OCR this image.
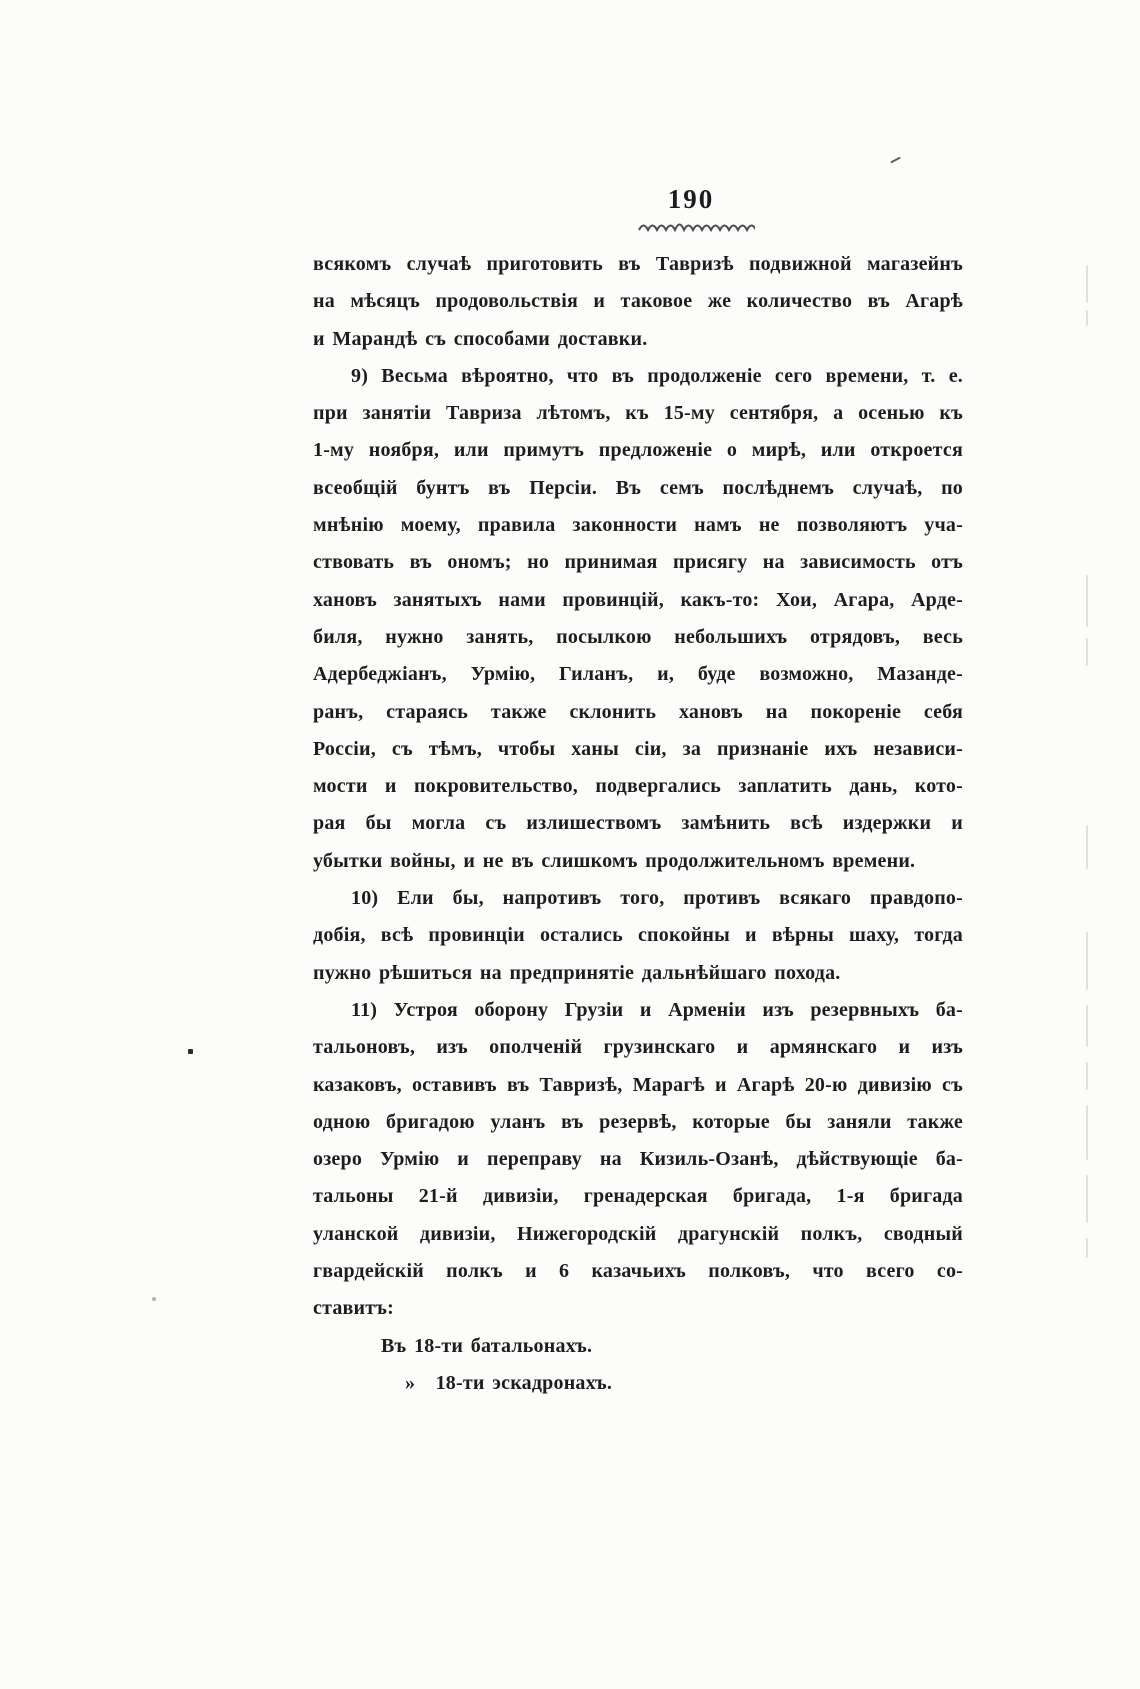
190
всякомъ случаѣ приготовить въ Тавризѣ подвижной магазейнъ
на мѣсяцъ продовольствія и таковое же количество въ Агарѣ
и Марандѣ съ способами доставки.
9) Весьма вѣроятно, что въ продолженіе сего времени, т. е.
при занятіи Тавриза лѣтомъ, къ 15-му сентября, а осенью къ
1-му ноября, или примутъ предложеніе о мирѣ, или откроется
всеобщій бунтъ въ Персіи. Въ семъ послѣднемъ случаѣ, по
мнѣнію моему, правила законности намъ не позволяютъ уча-
ствовать въ ономъ; но принимая присягу на зависимость отъ
хановъ занятыхъ нами провинцій, какъ-то: Хои, Агара, Арде-
биля, нужно занять, посылкою небольшихъ отрядовъ, весь
Адербеджіанъ, Урмію, Гиланъ, и, буде возможно, Мазанде-
ранъ, стараясь также склонить хановъ на покореніе себя
Россіи, съ тѣмъ, чтобы ханы сіи, за признаніе ихъ независи-
мости и покровительство, подвергались заплатить дань, кото-
рая бы могла съ излишествомъ замѣнить всѣ издержки и
убытки войны, и не въ слишкомъ продолжительномъ времени.
10) Ели бы, напротивъ того, противъ всякаго правдопо-
добія, всѣ провинціи остались спокойны и вѣрны шаху, тогда
пужно рѣшиться на предпринятіе дальнѣйшаго похода.
11) Устроя оборону Грузіи и Арменіи изъ резервныхъ ба-
тальоновъ, изъ ополченій грузинскаго и армянскаго и изъ
казаковъ, оставивъ въ Тавризѣ, Марагѣ и Агарѣ 20-ю дивизію съ
одною бригадою уланъ въ резервѣ, которые бы заняли также
озеро Урмію и переправу на Кизиль-Озанѣ, дѣйствующіе ба-
тальоны 21-й дивизіи, гренадерская бригада, 1-я бригада
уланской дивизіи, Нижегородскій драгунскій полкъ, сводный
гвардейскій полкъ и 6 казачьихъ полковъ, что всего со-
ставитъ:
Въ 18-ти батальонахъ.
»  18-ти эскадронахъ.
